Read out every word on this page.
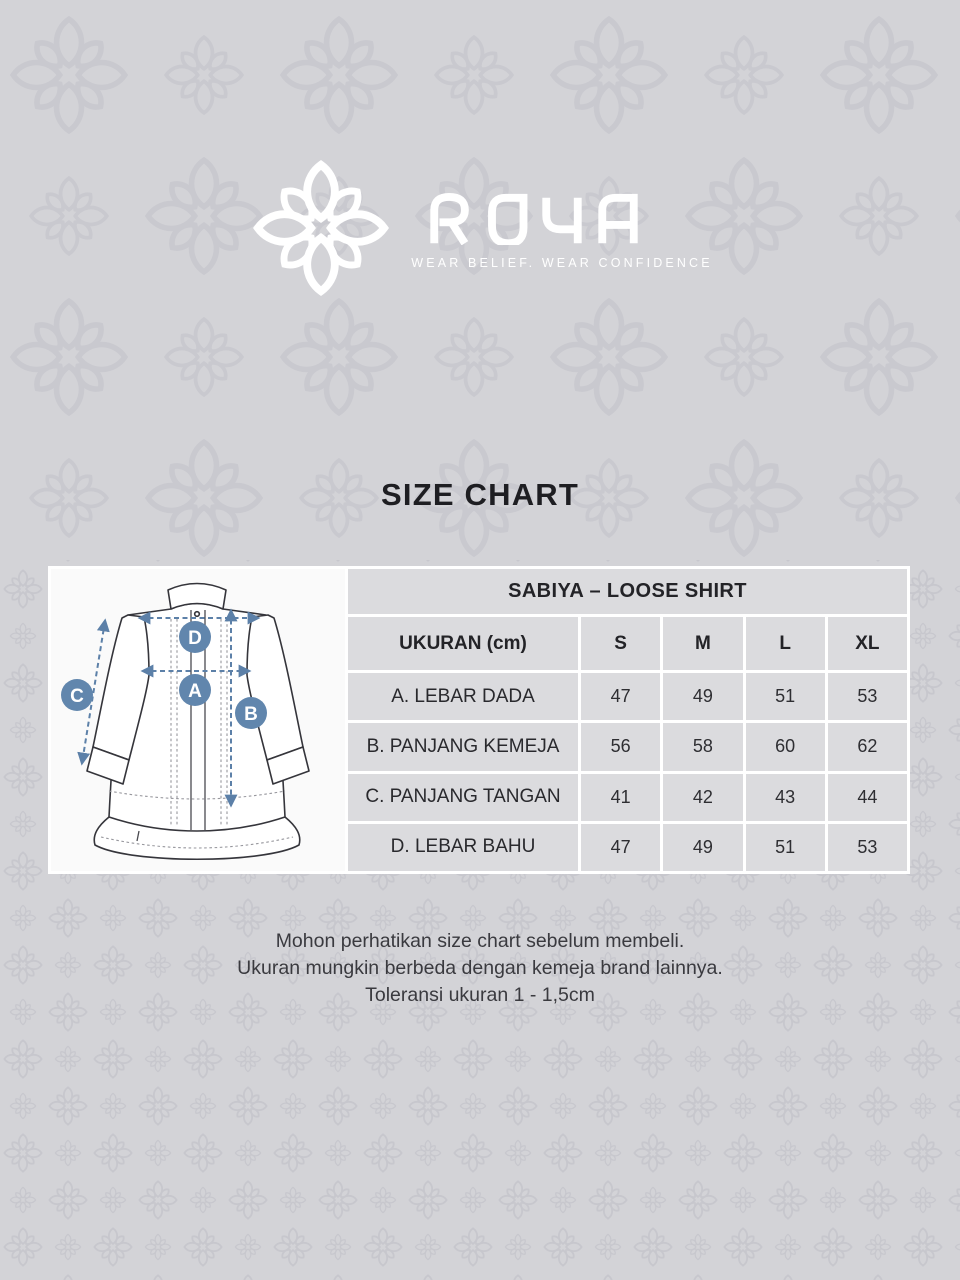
WEAR BELIEF. WEAR CONFIDENCE
SIZE CHART
D
A
B
C
SABIYA – LOOSE SHIRT
UKURAN (cm)	S	M	L	XL
A. LEBAR DADA	47	49	51	53
B. PANJANG KEMEJA	56	58	60	62
C. PANJANG TANGAN	41	42	43	44
D. LEBAR BAHU	47	49	51	53
Mohon perhatikan size chart sebelum membeli.
Ukuran mungkin berbeda dengan kemeja brand lainnya.
Toleransi ukuran 1 - 1,5cm
